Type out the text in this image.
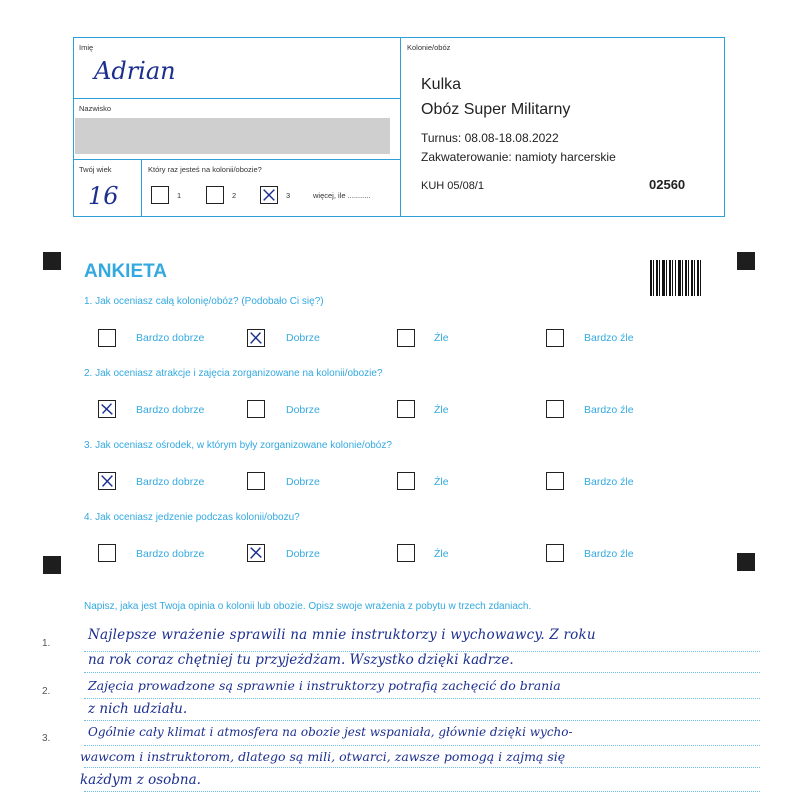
Imię
Adrian
Nazwisko
Twój wiek
16
Który raz jesteś na kolonii/obozie?
1	2	3	więcej, ile ...........
Kolonie/obóz
Kulka
Obóz Super Militarny
Turnus: 08.08-18.08.2022
Zakwaterowanie: namioty harcerskie
KUH 05/08/1	02560
ANKIETA
1. Jak oceniasz całą kolonię/obóz? (Podobało Ci się?)
Bardzo dobrze	Dobrze	Źle	Bardzo źle
2. Jak oceniasz atrakcje i zajęcia zorganizowane na kolonii/obozie?
Bardzo dobrze	Dobrze	Źle	Bardzo źle
3. Jak oceniasz ośrodek, w którym były zorganizowane kolonie/obóz?
Bardzo dobrze	Dobrze	Źle	Bardzo źle
4. Jak oceniasz jedzenie podczas kolonii/obozu?
Bardzo dobrze	Dobrze	Źle	Bardzo źle
Napisz, jaka jest Twoja opinia o kolonii lub obozie. Opisz swoje wrażenia z pobytu w trzech zdaniach.
1.
2.
3.
Najlepsze wrażenie sprawili na mnie instruktorzy i wychowawcy. Z roku
na rok coraz chętniej tu przyjeżdżam. Wszystko dzięki kadrze.
Zajęcia prowadzone są sprawnie i instruktorzy potrafią zachęcić do brania
z nich udziału.
Ogólnie cały klimat i atmosfera na obozie jest wspaniała, głównie dzięki wycho-
wawcom i instruktorom, dlatego są mili, otwarci, zawsze pomogą i zajmą się
każdym z osobna.
